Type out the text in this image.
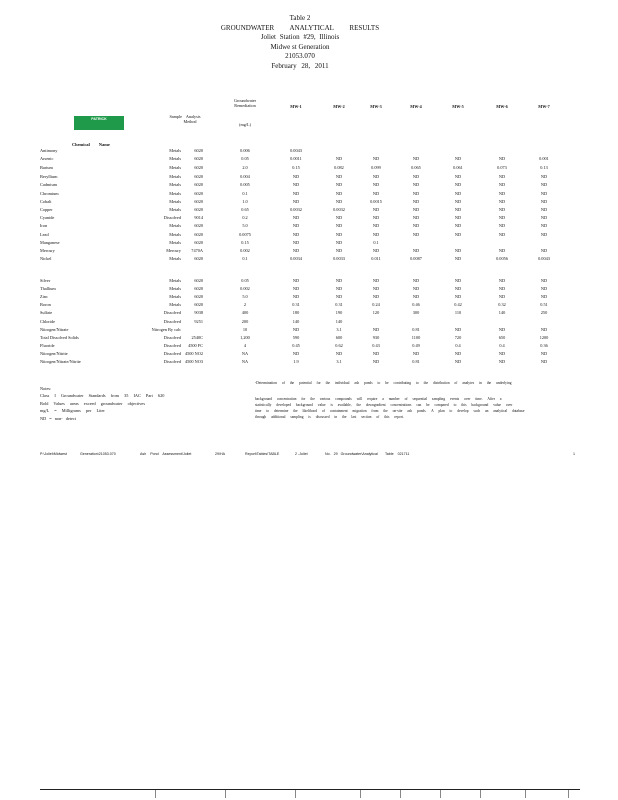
Table 2
GROUNDWATER ANALYTICAL RESULTS
Joliet Station #29, Illinois
Midwe st Generation
21053.070
February 28, 2011
PATRICK
ENGINEERING
Sample Analysis
Method
Groundwater
Remediation
(mg/L)
MW-1	MW-2	MW-3	MW-4	MW-5	MW-6	MW-7
Chemical Name
Antimony	Metals	6020	0.006	0.0043
Arsenic	Metals	6020	0.05	0.0011	ND	ND	ND	ND	ND	0.001
Barium	Metals	6020	2.0	0.15	0.082	0.099	0.065	0.061	0.073	0.13
Beryllium	Metals	6020	0.004	ND	ND	ND	ND	ND	ND	ND
Cadmium	Metals	6020	0.005	ND	ND	ND	ND	ND	ND	ND
Chromium	Metals	6020	0.1	ND	ND	ND	ND	ND	ND	ND
Cobalt	Metals	6020	1.0	ND	ND	0.0015	ND	ND	ND	ND
Copper	Metals	6020	0.65	0.0032	0.0032	ND	ND	ND	ND	ND
Cyanide	Dissolved	9014	0.2	ND	ND	ND	ND	ND	ND	ND
Iron	Metals	6020	5.0	ND	ND	ND	ND	ND	ND	ND
Lead	Metals	6020	0.0075	ND	ND	ND	ND	ND	ND	ND
Manganese	Metals	6020	0.15	ND	ND	0.1
Mercury	Mercury	7470A	0.002	ND	ND	ND	ND	ND	ND	ND
Nickel	Metals	6020	0.1	0.0034	0.0033	0.011	0.0087	ND	0.0056	0.0043
Silver	Metals	6020	0.05	ND	ND	ND	ND	ND	ND	ND
Thallium	Metals	6020	0.002	ND	ND	ND	ND	ND	ND	ND
Zinc	Metals	6020	5.0	ND	ND	ND	ND	ND	ND	ND
Boron	Metals	6020	2	0.31	0.31	0.24	0.46	0.42	0.32	0.51
Sulfate	Dissolved	9038	400	180	190	120	300	110	140	250
Chloride	Dissolved	9251	200	140	140
Nitrogen/Nitrate	Nitrogen By calc	10	ND	3.1	ND	0.81	ND	ND	ND
Total Dissolved Solids	Dissolved	2540C	1,200	590	600	930	1100	720	650	1200
Fluoride	Dissolved	4500 FC	4	0.45	0.62	0.43	0.49	0.4	0.4	0.36
Nitrogen/Nitrite	Dissolved 4500 NO2	NA	ND	ND	ND	ND	ND	ND	ND
Nitrogen/Nitrate/Nitrite	Dissolved 4500 NO3	NA	1.9	3.1	ND	0.81	ND	ND	ND
Notes:
Class I Groundwater Standards from 35 IAC Part 620
Bold Values areas exceed groundwater objectives
mg/L = Milligrams per Liter
ND = non- detect
-Determination of the potential for the individual ash ponds to be contributing to the distribution of analytes in the underlying
background concentration for the various compounds will require a number of sequential sampling events over time. After a
statistically developed background value is available, the downgradient concentrations can be compared to this background value over
time to determine the likelihood of containment migration from the on-site ash ponds. A plan to develop such an analytical database
through additional sampling is discussed in the last section of this report.
P:\Joliet\Midwest	Generation\21053.070	Ash Pond Assessment\Joliet	29\HA	Report\Tables\TABLE	2 -Joliet	No. 29 Groundwater\Analytical Table 021711	1
